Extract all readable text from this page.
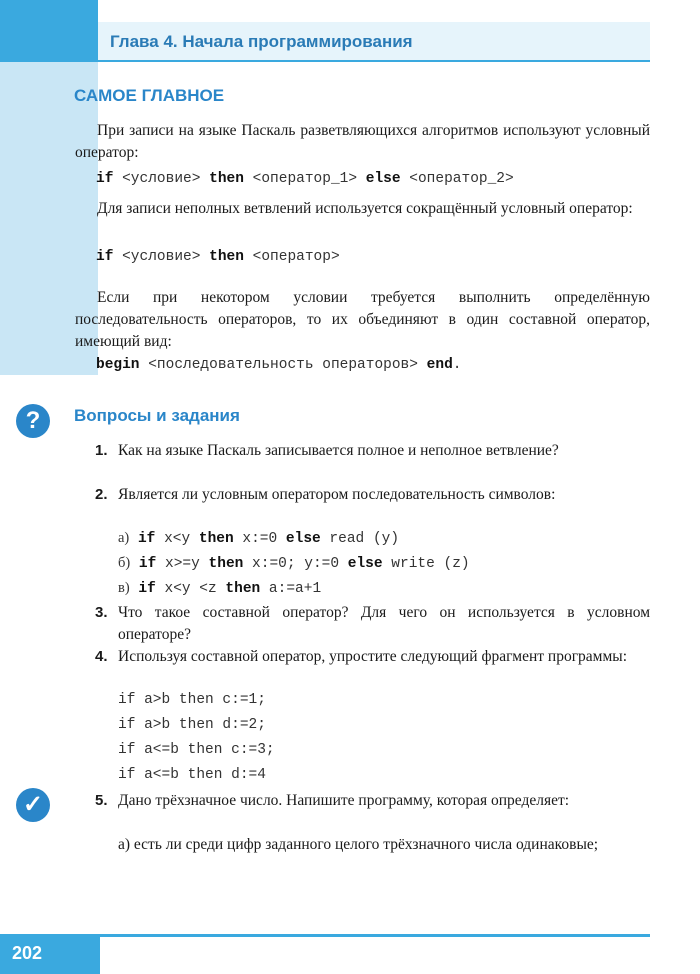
Глава 4. Начала программирования
САМОЕ ГЛАВНОЕ
При записи на языке Паскаль разветвляющихся алгоритмов используют условный оператор:
if <условие> then <оператор_1> else <оператор_2>
Для записи неполных ветвлений используется сокращённый условный оператор:
if <условие> then <оператор>
Если при некотором условии требуется выполнить определённую последовательность операторов, то их объединяют в один составной оператор, имеющий вид:
begin <последовательность операторов> end.
?	Вопросы и задания
1. Как на языке Паскаль записывается полное и неполное ветвление?
2. Является ли условным оператором последовательность символов:
а) if x<y then x:=0 else read (y)
б) if x>=y then x:=0; y:=0 else write (z)
в) if x<y <z then a:=a+1
3. Что такое составной оператор? Для чего он используется в условном операторе?
4. Используя составной оператор, упростите следующий фрагмент программы:
if a>b then c:=1;
if a>b then d:=2;
if a<=b then c:=3;
if a<=b then d:=4
✓	5. Дано трёхзначное число. Напишите программу, которая определяет:
а) есть ли среди цифр заданного целого трёхзначного числа одинаковые;
202
